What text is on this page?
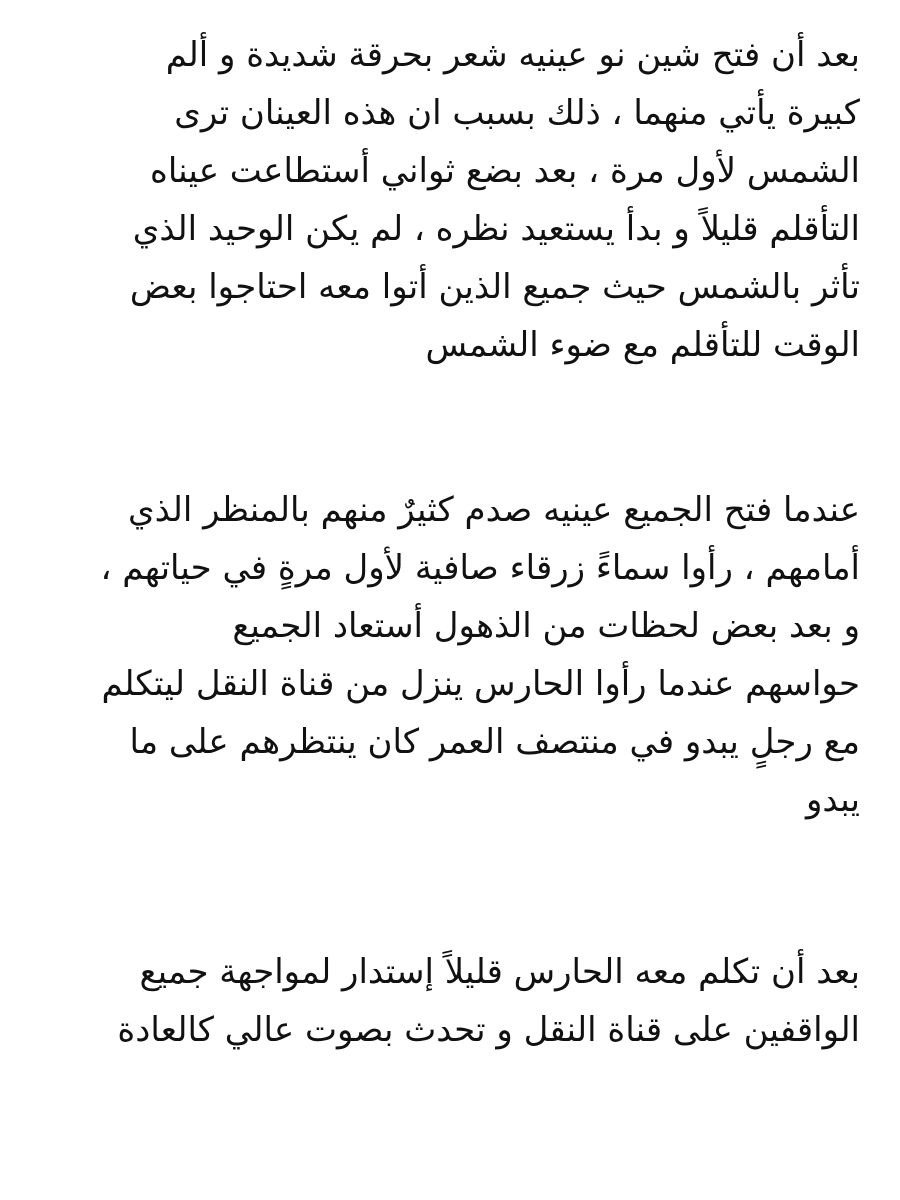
بعد أن فتح شين نو عينيه شعر بحرقة شديدة و ألم
كبيرة يأتي منهما ، ذلك بسبب ان هذه العينان ترى
الشمس لأول مرة ، بعد بضع ثواني أستطاعت عيناه
التأقلم قليلاً و بدأ يستعيد نظره ، لم يكن الوحيد الذي
تأثر بالشمس حيث جميع الذين أتوا معه احتاجوا بعض
الوقت للتأقلم مع ضوء الشمس
عندما فتح الجميع عينيه صدم كثيرٌ منهم بالمنظر الذي
أمامهم ، رأوا سماءً زرقاء صافية لأول مرةٍ في حياتهم ،
و بعد بعض لحظات من الذهول أستعاد الجميع
حواسهم عندما رأوا الحارس ينزل من قناة النقل ليتكلم
مع رجلٍ يبدو في منتصف العمر كان ينتظرهم على ما
يبدو
بعد أن تكلم معه الحارس قليلاً إستدار لمواجهة جميع
الواقفين على قناة النقل و تحدث بصوت عالي كالعادة
